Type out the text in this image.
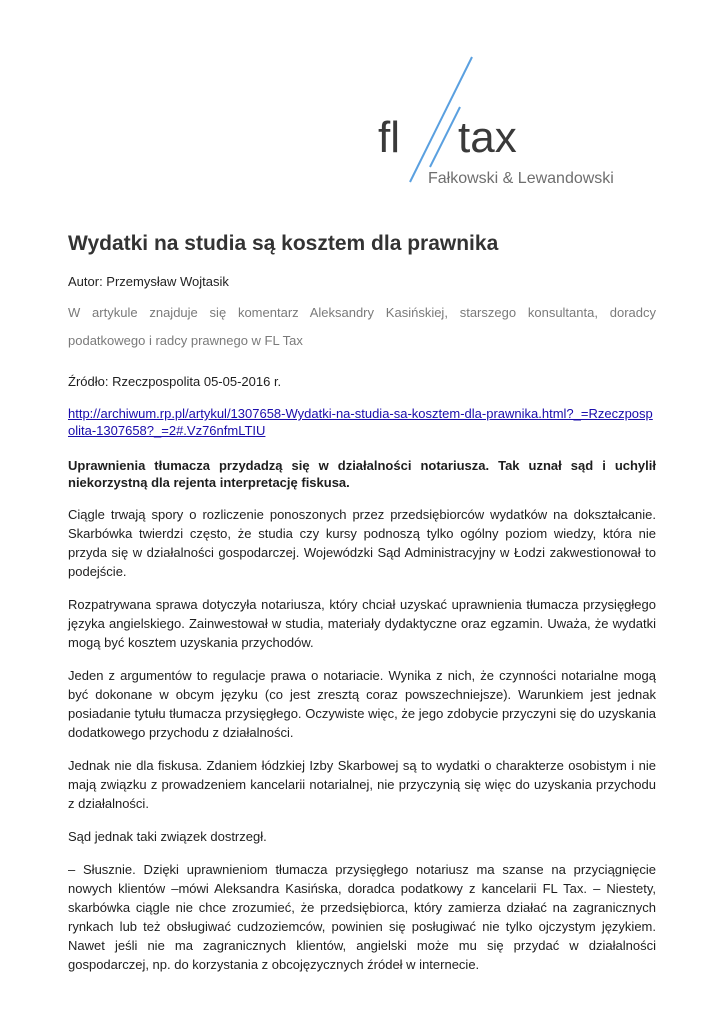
fl tax
Fałkowski & Lewandowski
Wydatki na studia są kosztem dla prawnika
Autor: Przemysław Wojtasik
W artykule znajduje się komentarz Aleksandry Kasińskiej, starszego konsultanta, doradcy podatkowego i radcy prawnego w FL Tax
Źródło: Rzeczpospolita 05-05-2016 r.
http://archiwum.rp.pl/artykul/1307658-Wydatki-na-studia-sa-kosztem-dla-prawnika.html?_=Rzeczpospolita-1307658?_=2#.Vz76nfmLTIU
Uprawnienia tłumacza przydadzą się w działalności notariusza. Tak uznał sąd i uchylił niekorzystną dla rejenta interpretację fiskusa.

Ciągle trwają spory o rozliczenie ponoszonych przez przedsiębiorców wydatków na dokształcanie. Skarbówka twierdzi często, że studia czy kursy podnoszą tylko ogólny poziom wiedzy, która nie przyda się w działalności gospodarczej. Wojewódzki Sąd Administracyjny w Łodzi zakwestionował to podejście.

Rozpatrywana sprawa dotyczyła notariusza, który chciał uzyskać uprawnienia tłumacza przysięgłego języka angielskiego. Zainwestował w studia, materiały dydaktyczne oraz egzamin. Uważa, że wydatki mogą być kosztem uzyskania przychodów.

Jeden z argumentów to regulacje prawa o notariacie. Wynika z nich, że czynności notarialne mogą być dokonane w obcym języku (co jest zresztą coraz powszechniejsze). Warunkiem jest jednak posiadanie tytułu tłumacza przysięgłego. Oczywiste więc, że jego zdobycie przyczyni się do uzyskania dodatkowego przychodu z działalności.

Jednak nie dla fiskusa. Zdaniem łódzkiej Izby Skarbowej są to wydatki o charakterze osobistym i nie mają związku z prowadzeniem kancelarii notarialnej, nie przyczynią się więc do uzyskania przychodu z działalności.

Sąd jednak taki związek dostrzegł.

– Słusznie. Dzięki uprawnieniom tłumacza przysięgłego notariusz ma szanse na przyciągnięcie nowych klientów –mówi Aleksandra Kasińska, doradca podatkowy z kancelarii FL Tax. – Niestety, skarbówka ciągle nie chce zrozumieć, że przedsiębiorca, który zamierza działać na zagranicznych rynkach lub też obsługiwać cudzoziemców, powinien się posługiwać nie tylko ojczystym językiem. Nawet jeśli nie ma zagranicznych klientów, angielski może mu się przydać w działalności gospodarczej, np. do korzystania z obcojęzycznych źródeł w internecie.
